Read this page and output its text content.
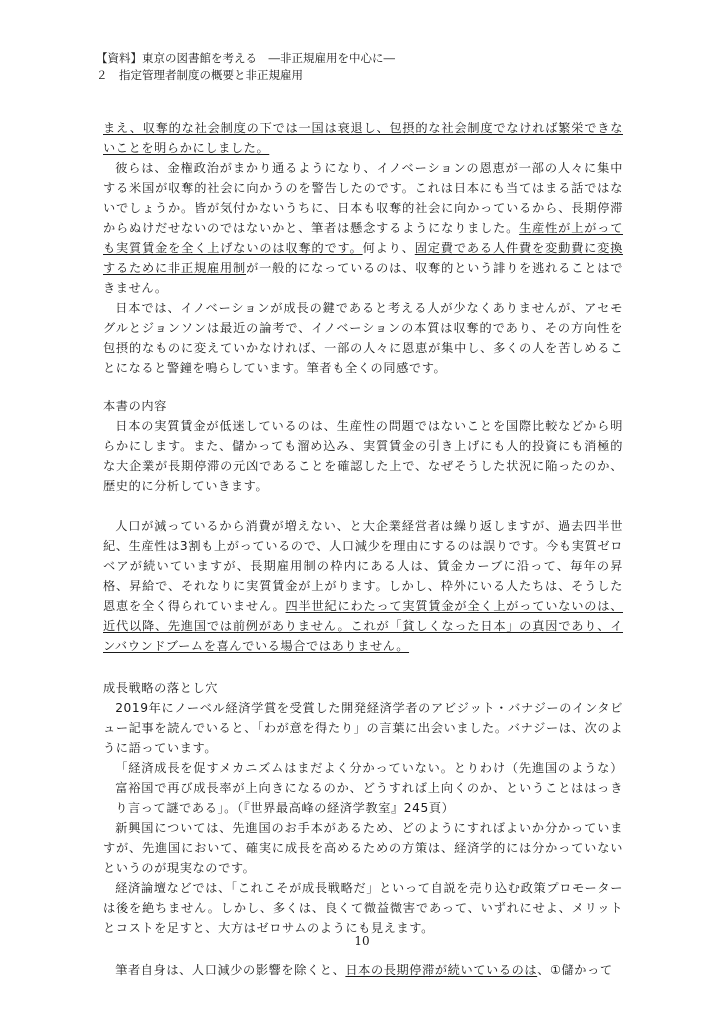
【資料】東京の図書館を考える　―非正規雇用を中心に―
２　指定管理者制度の概要と非正規雇用

まえ、収奪的な社会制度の下では一国は衰退し、包摂的な社会制度でなければ繁栄できないことを明らかにしました。

彼らは、金権政治がまかり通るようになり、イノベーションの恩恵が一部の人々に集中する米国が収奪的社会に向かうのを警告したのです。これは日本にも当てはまる話ではないでしょうか。皆が気付かないうちに、日本も収奪的社会に向かっているから、長期停滞からぬけだせないのではないかと、筆者は懸念するようになりました。生産性が上がっても実質賃金を全く上げないのは収奪的です。何より、固定費である人件費を変動費に変換するために非正規雇用制が一般的になっているのは、収奪的という誹りを逃れることはできません。

日本では、イノベーションが成長の鍵であると考える人が少なくありませんが、アセモグルとジョンソンは最近の論考で、イノベーションの本質は収奪的であり、その方向性を包摂的なものに変えていかなければ、一部の人々に恩恵が集中し、多くの人を苦しめることになると警鐘を鳴らしています。筆者も全くの同感です。

本書の内容

日本の実質賃金が低迷しているのは、生産性の問題ではないことを国際比較などから明らかにします。また、儲かっても溜め込み、実質賃金の引き上げにも人的投資にも消極的な大企業が長期停滞の元凶であることを確認した上で、なぜそうした状況に陥ったのか、歴史的に分析していきます。

人口が減っているから消費が増えない、と大企業経営者は繰り返しますが、過去四半世紀、生産性は3割も上がっているので、人口減少を理由にするのは誤りです。今も実質ゼロベアが続いていますが、長期雇用制の枠内にある人は、賃金カーブに沿って、毎年の昇格、昇給で、それなりに実質賃金が上がります。しかし、枠外にいる人たちは、そうした恩恵を全く得られていません。四半世紀にわたって実質賃金が全く上がっていないのは、近代以降、先進国では前例がありません。これが「貧しくなった日本」の真因であり、インバウンドブームを喜んでいる場合ではありません。

成長戦略の落とし穴

2019年にノーベル経済学賞を受賞した開発経済学者のアビジット・バナジーのインタビュー記事を読んでいると、「わが意を得たり」の言葉に出会いました。バナジーは、次のように語っています。

「経済成長を促すメカニズムはまだよく分かっていない。とりわけ（先進国のような）富裕国で再び成長率が上向きになるのか、どうすれば上向くのか、ということははっきり言って謎である」。（『世界最高峰の経済学教室』245頁）

新興国については、先進国のお手本があるため、どのようにすればよいか分かっていますが、先進国において、確実に成長を高めるための方策は、経済学的には分かっていないというのが現実なのです。

経済論壇などでは、「これこそが成長戦略だ」といって自説を売り込む政策プロモーターは後を絶ちません。しかし、多くは、良くて微益微害であって、いずれにせよ、メリットとコストを足すと、大方はゼロサムのようにも見えます。

筆者自身は、人口減少の影響を除くと、日本の長期停滞が続いているのは、①儲かって

10
